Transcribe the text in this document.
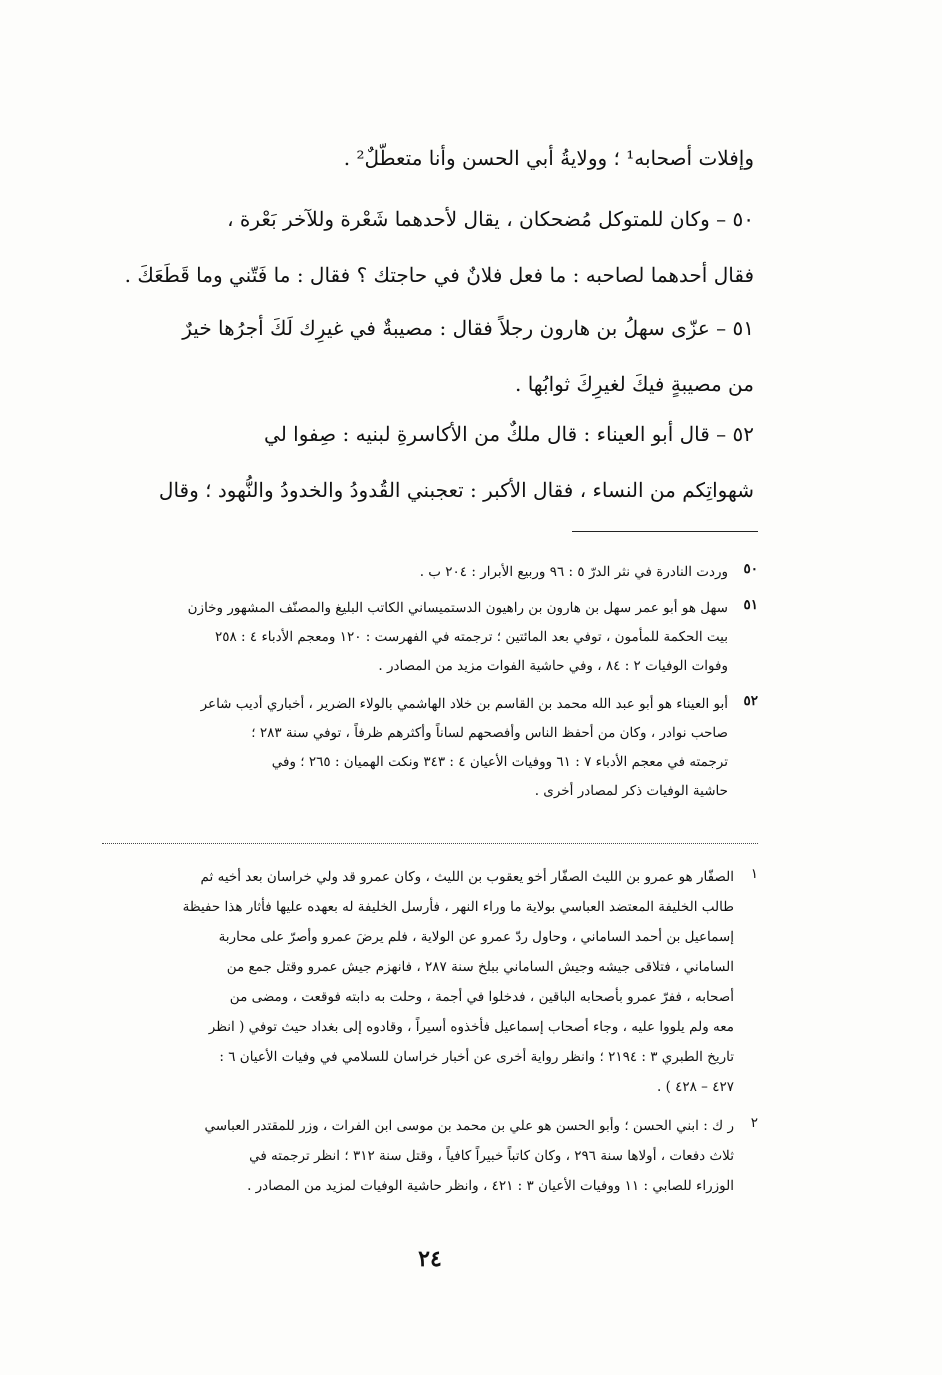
وإفلات أصحابه¹ ؛ وولايةُ أبي الحسن وأنا متعطّلٌ² .
٥٠ – وكان للمتوكل مُضحكان ، يقال لأحدهما شَعْرة وللآخر بَعْرة ،
فقال أحدهما لصاحبه : ما فعل فلانٌ في حاجتك ؟ فقال : ما فَتّني وما قَطَعَكَ .
٥١ – عزّى سهلُ بن هارون رجلاً فقال : مصيبةٌ في غيرِك لَكَ أجرُها خيرٌ
من مصيبةٍ فيكَ لغيرِكَ ثوابُها .
٥٢ – قال أبو العيناء : قال ملكٌ من الأكاسرةِ لبنيه : صِفوا لي
شهواتِكم من النساء ، فقال الأكبر : تعجبني القُدودُ والخدودُ والنُّهود ؛ وقال
٥٠
وردت النادرة في نثر الدرّ ٥ : ٩٦ وربيع الأبرار : ٢٠٤ ب .
٥١
سهل هو أبو عمر سهل بن هارون بن راهيون الدستميساني الكاتب البليغ والمصنّف المشهور وخازن
بيت الحكمة للمأمون ، توفي بعد المائتين ؛ ترجمته في الفهرست : ١٢٠ ومعجم الأدباء ٤ : ٢٥٨
وفوات الوفيات ٢ : ٨٤ ، وفي حاشية الفوات مزيد من المصادر .
٥٢
أبو العيناء هو أبو عبد الله محمد بن القاسم بن خلاد الهاشمي بالولاء الضرير ، أخباري أديب شاعر
صاحب نوادر ، وكان من أحفظ الناس وأفصحهم لساناً وأكثرهم ظرفاً ، توفي سنة ٢٨٣ ؛
ترجمته في معجم الأدباء ٧ : ٦١ ووفيات الأعيان ٤ : ٣٤٣ ونكت الهميان : ٢٦٥ ؛ وفي
حاشية الوفيات ذكر لمصادر أخرى .
١
الصفّار هو عمرو بن الليث الصفّار أخو يعقوب بن الليث ، وكان عمرو قد ولي خراسان بعد أخيه ثم
طالب الخليفة المعتضد العباسي بولاية ما وراء النهر ، فأرسل الخليفة له بعهده عليها فأثار هذا حفيظة
إسماعيل بن أحمد الساماني ، وحاول ردّ عمرو عن الولاية ، فلم يرضَ عمرو وأصرّ على محاربة
الساماني ، فتلاقى جيشه وجيش الساماني ببلخ سنة ٢٨٧ ، فانهزم جيش عمرو وقتل جمع من
أصحابه ، ففرّ عمرو بأصحابه الباقين ، فدخلوا في أجمة ، وحلت به دابته فوقعت ، ومضى من
معه ولم يلووا عليه ، وجاء أصحاب إسماعيل فأخذوه أسيراً ، وقادوه إلى بغداد حيث توفي ( انظر
تاريخ الطبري ٣ : ٢١٩٤ ؛ وانظر رواية أخرى عن أخبار خراسان للسلامي في وفيات الأعيان ٦ :
٤٢٧ – ٤٢٨ ) .
٢
ر ك : ابني الحسن ؛ وأبو الحسن هو علي بن محمد بن موسى ابن الفرات ، وزر للمقتدر العباسي
ثلاث دفعات ، أولاها سنة ٢٩٦ ، وكان كاتباً خبيراً كافياً ، وقتل سنة ٣١٢ ؛ انظر ترجمته في
الوزراء للصابي : ١١ ووفيات الأعيان ٣ : ٤٢١ ، وانظر حاشية الوفيات لمزيد من المصادر .
٢٤
